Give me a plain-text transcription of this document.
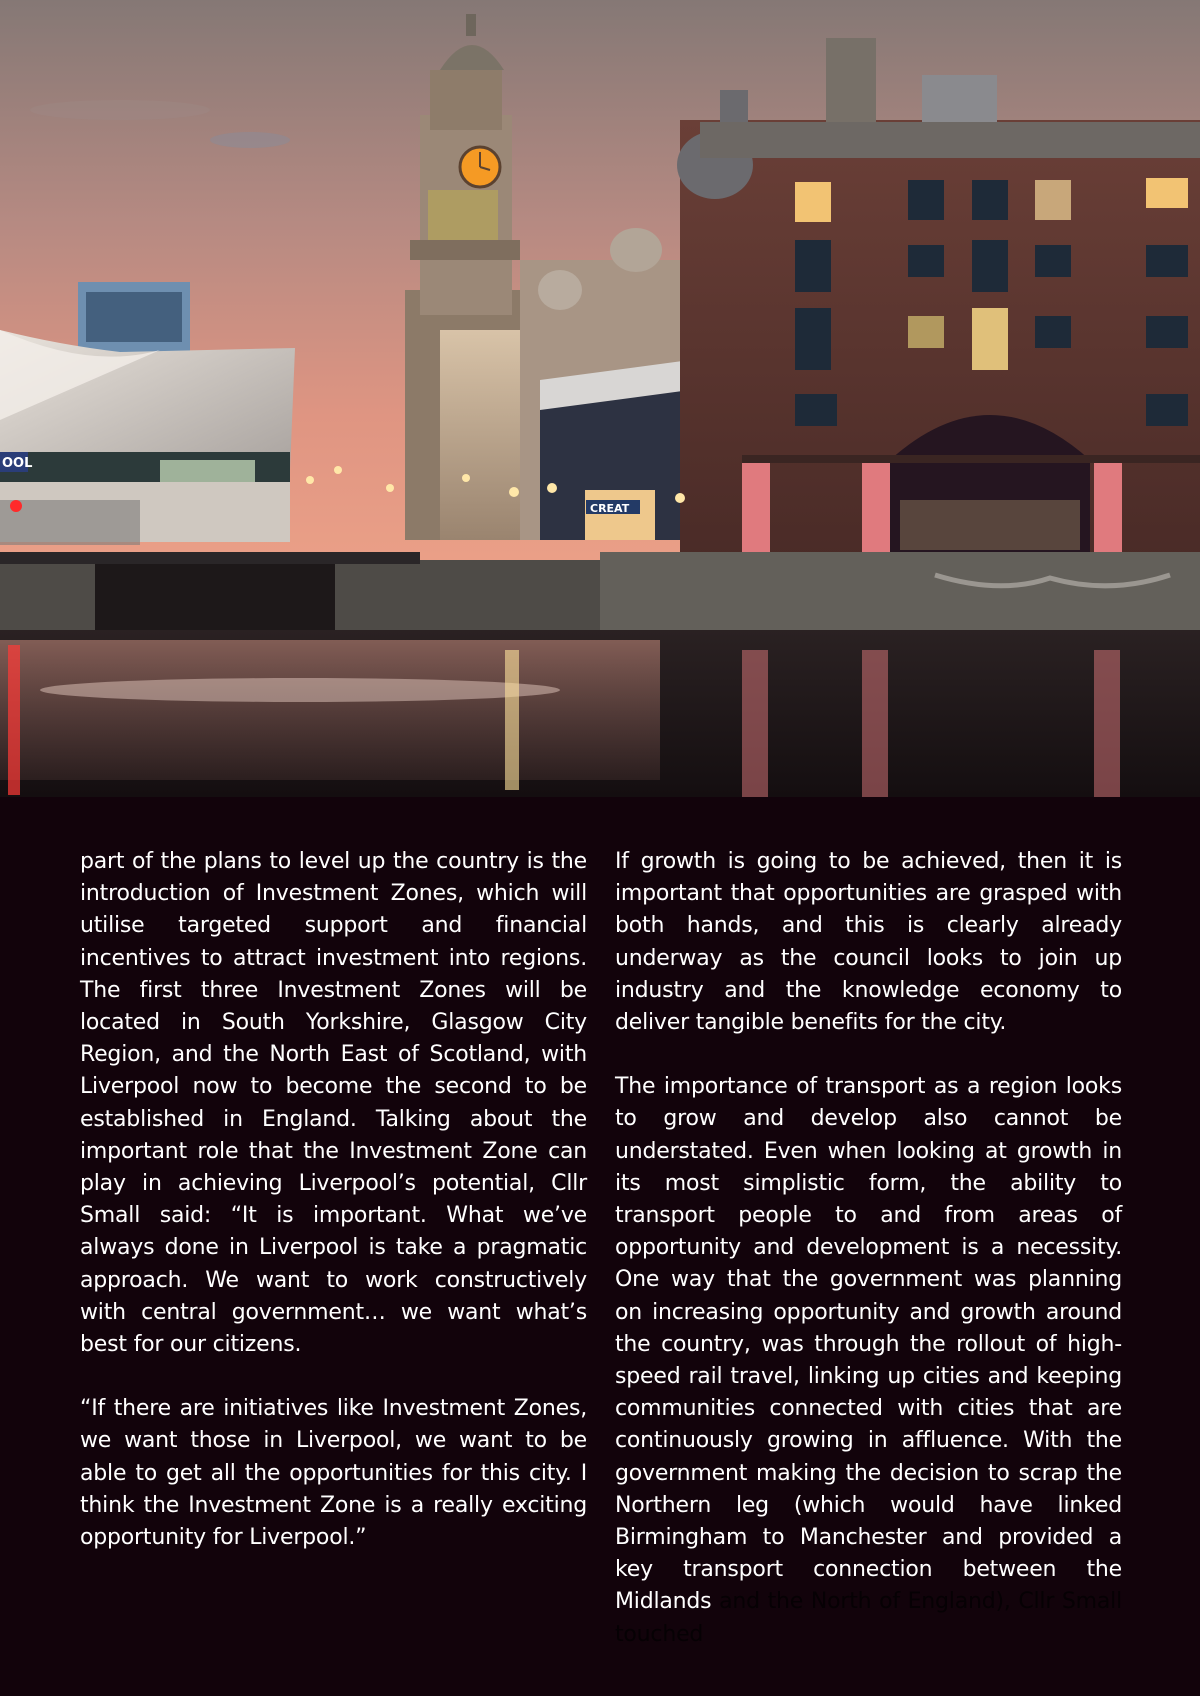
OOL
CREAT

part of the plans to level up the country is the introduction of Investment Zones, which will utilise targeted support and financial incentives to attract investment into regions. The first three Investment Zones will be located in South Yorkshire, Glasgow City Region, and the North East of Scotland, with Liverpool now to become the second to be established in England. Talking about the important role that the Investment Zone can play in achieving Liverpool’s potential, Cllr Small said: “It is important. What we’ve always done in Liverpool is take a pragmatic approach. We want to work constructively with central government… we want what’s best for our citizens.

“If there are initiatives like Investment Zones, we want those in Liverpool, we want to be able to get all the opportunities for this city. I think the Investment Zone is a really exciting opportunity for Liverpool.”

If growth is going to be achieved, then it is important that opportunities are grasped with both hands, and this is clearly already underway as the council looks to join up industry and the knowledge economy to deliver tangible benefits for the city.

The importance of transport as a region looks to grow and develop also cannot be understated. Even when looking at growth in its most simplistic form, the ability to transport people to and from areas of opportunity and development is a necessity. One way that the government was planning on increasing opportunity and growth around the country, was through the rollout of high-speed rail travel, linking up cities and keeping communities connected with cities that are continuously growing in affluence. With the government making the decision to scrap the Northern leg (which would have linked Birmingham to Manchester and provided a key transport connection between the Midlands and the North of England), Cllr Small touched
